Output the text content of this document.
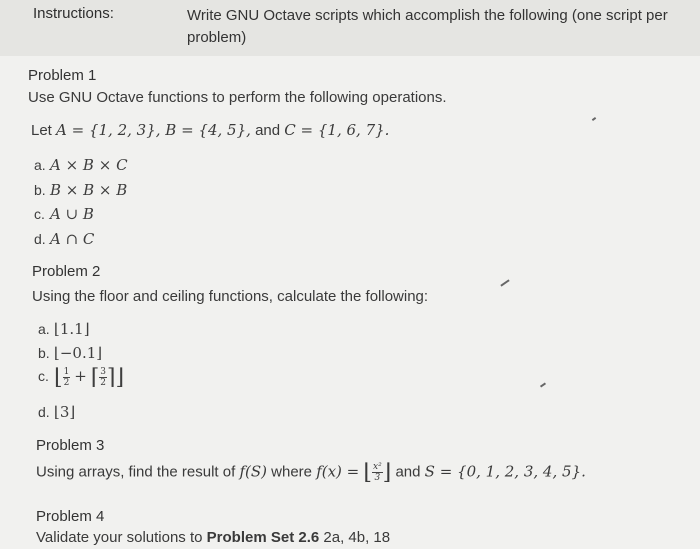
Instructions:	Write GNU Octave scripts which accomplish the following (one script per problem)
Problem 1
Use GNU Octave functions to perform the following operations.
Let A = {1, 2, 3}, B = {4, 5}, and C = {1, 6, 7}.
a. A × B × C
b. B × B × B
c. A ∪ B
d. A ∩ C
Problem 2
Using the floor and ceiling functions, calculate the following:
a. ⌊1.1⌋
b. ⌊−0.1⌋
c. ⌊ $\frac{1}{2}$ + ⌈ $\frac{3}{2}$ ⌉⌋
d. ⌊3⌋
Problem 3
Using arrays, find the result of f(S) where f(x) = ⌊ $\frac{\text{x²}}{3}$ ⌋ and S = {0, 1, 2, 3, 4, 5}.
Problem 4
Validate your solutions to Problem Set 2.6 2a, 4b, 18
